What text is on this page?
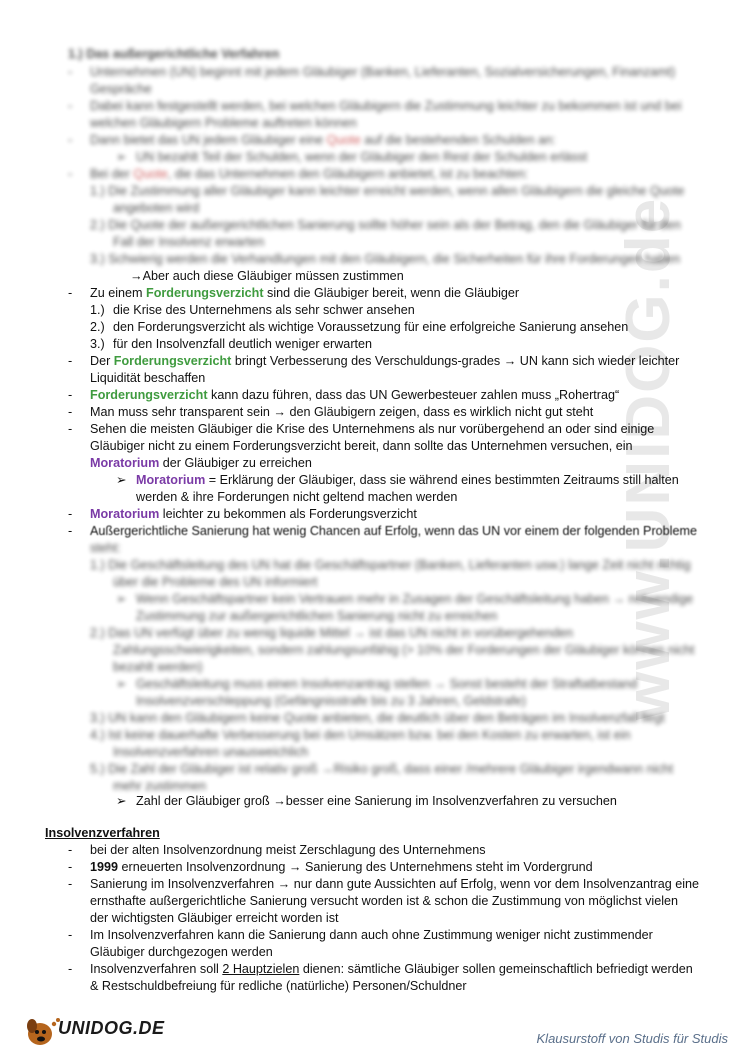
www.UNIDOG.de
1.) Das außergerichtliche Verfahren
- Unternehmen (UN) beginnt mit jedem Gläubiger (Banken, Lieferanten, Sozialversicherungen, Finanzamt)
Gespräche
- Dabei kann festgestellt werden, bei welchen Gläubigern die Zustimmung leichter zu bekommen ist und bei
welchen Gläubigern Probleme auftreten können
- Dann bietet das UN jedem Gläubiger eine Quote auf die bestehenden Schulden an:
➢ UN bezahlt Teil der Schulden, wenn der Gläubiger den Rest der Schulden erlässt
- Bei der Quote, die das Unternehmen den Gläubigern anbietet, ist zu beachten:
1.) Die Zustimmung aller Gläubiger kann leichter erreicht werden, wenn allen Gläubigern die gleiche Quote
angeboten wird
2.) Die Quote der außergerichtlichen Sanierung sollte höher sein als der Betrag, den die Gläubiger für den
Fall der Insolvenz erwarten
3.) Schwierig werden die Verhandlungen mit den Gläubigern, die Sicherheiten für ihre Forderungen haben
→Aber auch diese Gläubiger müssen zustimmen
- Zu einem Forderungsverzicht sind die Gläubiger bereit, wenn die Gläubiger
1.) die Krise des Unternehmens als sehr schwer ansehen
2.) den Forderungsverzicht als wichtige Voraussetzung für eine erfolgreiche Sanierung ansehen
3.) für den Insolvenzfall deutlich weniger erwarten
- Der Forderungsverzicht bringt Verbesserung des Verschuldungs-grades → UN kann sich wieder leichter
Liquidität beschaffen
- Forderungsverzicht kann dazu führen, dass das UN Gewerbesteuer zahlen muss „Rohertrag“
- Man muss sehr transparent sein → den Gläubigern zeigen, dass es wirklich nicht gut steht
- Sehen die meisten Gläubiger die Krise des Unternehmens als nur vorübergehend an oder sind einige
Gläubiger nicht zu einem Forderungsverzicht bereit, dann sollte das Unternehmen versuchen, ein
Moratorium der Gläubiger zu erreichen
➢ Moratorium = Erklärung der Gläubiger, dass sie während eines bestimmten Zeitraums still halten
werden & ihre Forderungen nicht geltend machen werden
- Moratorium leichter zu bekommen als Forderungsverzicht
- Außergerichtliche Sanierung hat wenig Chancen auf Erfolg, wenn das UN vor einem der folgenden Probleme
steht:
1.) Die Geschäftsleitung des UN hat die Geschäftspartner (Banken, Lieferanten usw.) lange Zeit nicht richtig
über die Probleme des UN informiert
➢ Wenn Geschäftspartner kein Vertrauen mehr in Zusagen der Geschäftsleitung haben → notwendige
Zustimmung zur außergerichtlichen Sanierung nicht zu erreichen
2.) Das UN verfügt über zu wenig liquide Mittel → ist das UN nicht in vorübergehenden
Zahlungsschwierigkeiten, sondern zahlungsunfähig (> 10% der Forderungen der Gläubiger können nicht
bezahlt werden)
➢ Geschäftsleitung muss einen Insolvenzantrag stellen → Sonst besteht der Straftatbestand
Insolvenzverschleppung (Gefängnisstrafe bis zu 3 Jahren, Geldstrafe)
3.) UN kann den Gläubigern keine Quote anbieten, die deutlich über den Beträgen im Insolvenzfall liegt
4.) Ist keine dauerhafte Verbesserung bei den Umsätzen bzw. bei den Kosten zu erwarten, ist ein
Insolvenzverfahren unausweichlich
5.) Die Zahl der Gläubiger ist relativ groß →Risiko groß, dass einer /mehrere Gläubiger irgendwann nicht
mehr zustimmen
➢ Zahl der Gläubiger groß →besser eine Sanierung im Insolvenzverfahren zu versuchen
Insolvenzverfahren
- bei der alten Insolvenzordnung meist Zerschlagung des Unternehmens
- 1999 erneuerten Insolvenzordnung → Sanierung des Unternehmens steht im Vordergrund
- Sanierung im Insolvenzverfahren → nur dann gute Aussichten auf Erfolg, wenn vor dem Insolvenzantrag eine
ernsthafte außergerichtliche Sanierung versucht worden ist & schon die Zustimmung von möglichst vielen
der wichtigsten Gläubiger erreicht worden ist
- Im Insolvenzverfahren kann die Sanierung dann auch ohne Zustimmung weniger nicht zustimmender
Gläubiger durchgezogen werden
- Insolvenzverfahren soll 2 Hauptzielen dienen: sämtliche Gläubiger sollen gemeinschaftlich befriedigt werden
& Restschuldbefreiung für redliche (natürliche) Personen/Schuldner
UNIDOG.DE
Klausurstoff von Studis für Studis
